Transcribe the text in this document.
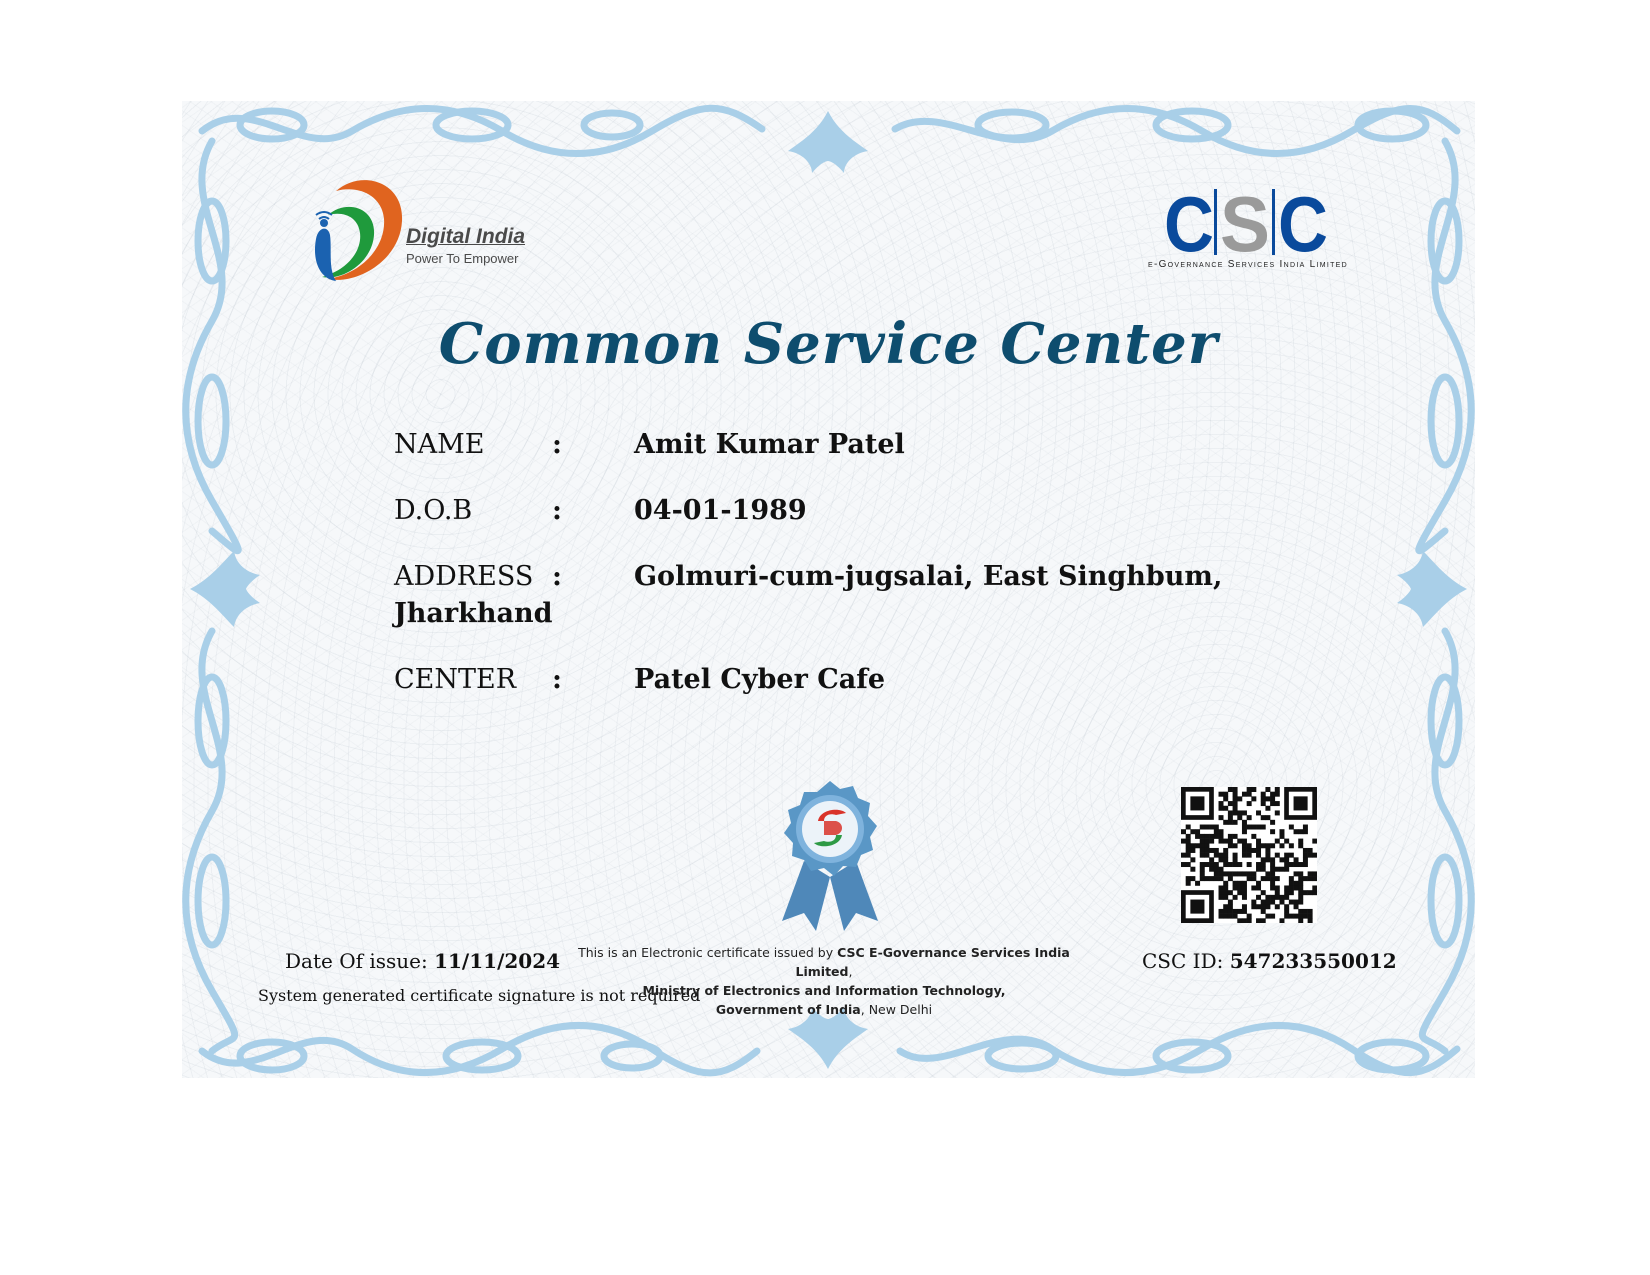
Digital India
Power To Empower	C S C
e-Governance Services India Limited
Common Service Center
NAME	:	Amit Kumar Patel
D.O.B	:	04-01-1989
ADDRESS :	Golmuri-cum-jugsalai, East Singhbum,
Jharkhand
CENTER :	Patel Cyber Cafe
Date Of issue: 11/11/2024
System generated certificate signature is not required
This is an Electronic certificate issued by CSC E-Governance Services India Limited,
Ministry of Electronics and Information Technology,
Government of India, New Delhi
CSC ID: 547233550012
